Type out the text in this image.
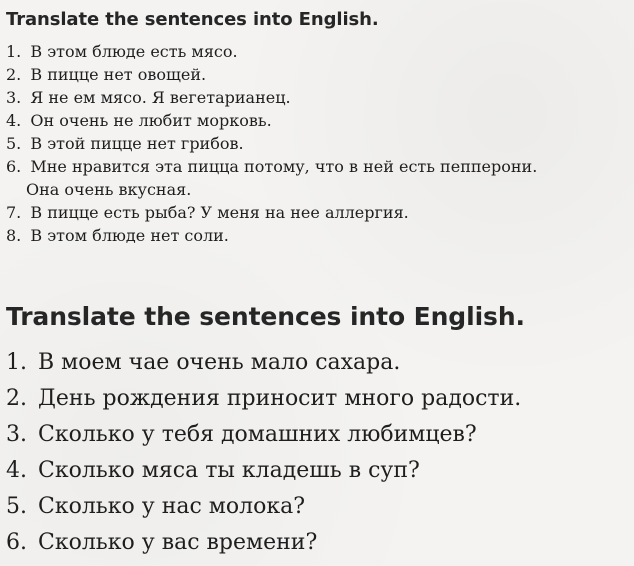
Translate the sentences into English.
1. В этом блюде есть мясо.
2. В пицце нет овощей.
3. Я не ем мясо. Я вегетарианец.
4. Он очень не любит морковь.
5. В этой пицце нет грибов.
6. Мне нравится эта пицца потому, что в ней есть пепперони.
Она очень вкусная.
7. В пицце есть рыба? У меня на нее аллергия.
8. В этом блюде нет соли.
Translate the sentences into English.
1. В моем чае очень мало сахара.
2. День рождения приносит много радости.
3. Сколько у тебя домашних любимцев?
4. Сколько мяса ты кладешь в суп?
5. Сколько у нас молока?
6. Сколько у вас времени?
